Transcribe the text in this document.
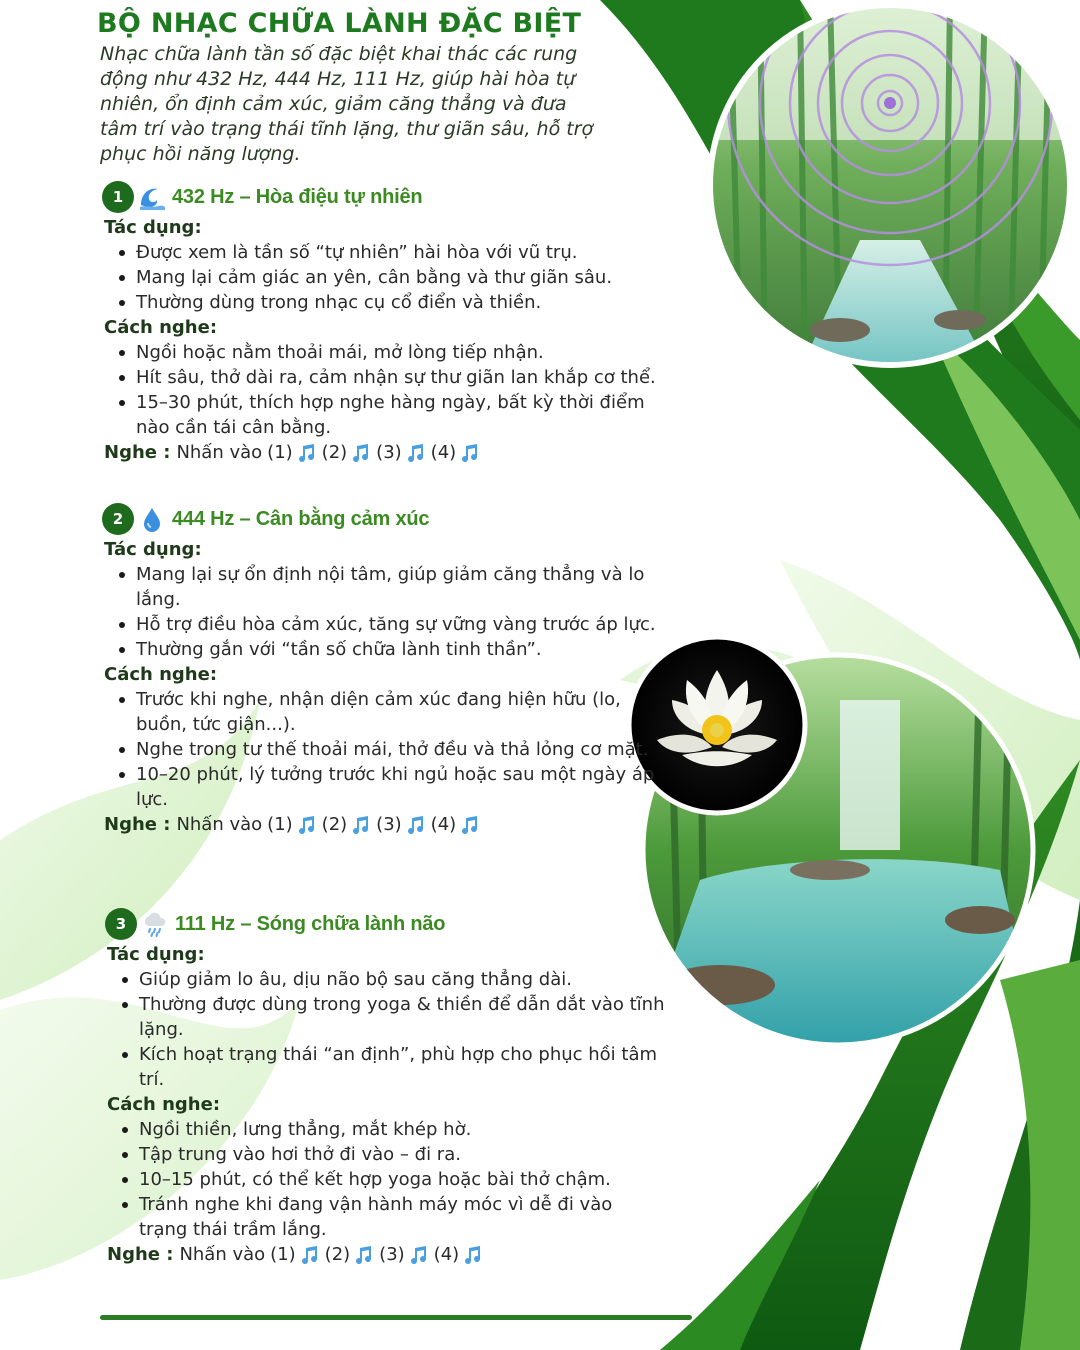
BỘ NHẠC CHỮA LÀNH ĐẶC BIỆT
Nhạc chữa lành tần số đặc biệt khai thác các rung động như 432 Hz, 444 Hz, 111 Hz, giúp hài hòa tự nhiên, ổn định cảm xúc, giảm căng thẳng và đưa tâm trí vào trạng thái tĩnh lặng, thư giãn sâu, hỗ trợ phục hồi năng lượng.
1	432 Hz – Hòa điệu tự nhiên
Tác dụng:
Được xem là tần số “tự nhiên” hài hòa với vũ trụ.
Mang lại cảm giác an yên, cân bằng và thư giãn sâu.
Thường dùng trong nhạc cụ cổ điển và thiền.
Cách nghe:
Ngồi hoặc nằm thoải mái, mở lòng tiếp nhận.
Hít sâu, thở dài ra, cảm nhận sự thư giãn lan khắp cơ thể.
15–30 phút, thích hợp nghe hàng ngày, bất kỳ thời điểm nào cần tái cân bằng.
Nghe : Nhấn vào (1) (2) (3) (4)
2	444 Hz – Cân bằng cảm xúc
Tác dụng:
Mang lại sự ổn định nội tâm, giúp giảm căng thẳng và lo lắng.
Hỗ trợ điều hòa cảm xúc, tăng sự vững vàng trước áp lực.
Thường gắn với “tần số chữa lành tinh thần”.
Cách nghe:
Trước khi nghe, nhận diện cảm xúc đang hiện hữu (lo, buồn, tức giận...).
Nghe trong tư thế thoải mái, thở đều và thả lỏng cơ mặt.
10–20 phút, lý tưởng trước khi ngủ hoặc sau một ngày áp lực.
Nghe : Nhấn vào (1) (2) (3) (4)
3	111 Hz – Sóng chữa lành não
Tác dụng:
Giúp giảm lo âu, dịu não bộ sau căng thẳng dài.
Thường được dùng trong yoga & thiền để dẫn dắt vào tĩnh lặng.
Kích hoạt trạng thái “an định”, phù hợp cho phục hồi tâm trí.
Cách nghe:
Ngồi thiền, lưng thẳng, mắt khép hờ.
Tập trung vào hơi thở đi vào – đi ra.
10–15 phút, có thể kết hợp yoga hoặc bài thở chậm.
Tránh nghe khi đang vận hành máy móc vì dễ đi vào trạng thái trầm lắng.
Nghe : Nhấn vào (1) (2) (3) (4)
